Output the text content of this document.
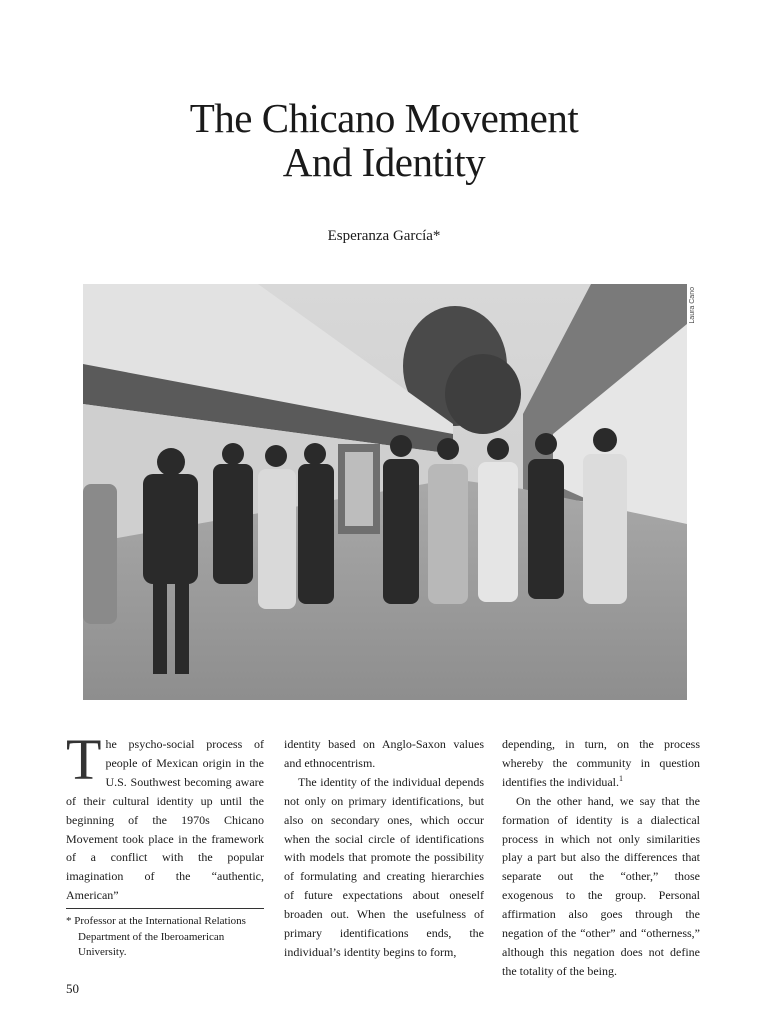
The Chicano Movement
And Identity
Esperanza García*
Laura Cano

The psycho-social process of people of Mexican origin in the U.S. Southwest becoming aware of their cultural identity up until the beginning of the 1970s Chicano Movement took place in the framework of a conflict with the popular imagination of the “authentic, American”

* Professor at the International Relations Department of the Iberoamerican University.

identity based on Anglo-Saxon values and ethnocentrism.

The identity of the individual depends not only on primary identifications, but also on secondary ones, which occur when the social circle of identifications with models that promote the possibility of formulating and creating hierarchies of future expectations about oneself broaden out. When the usefulness of primary identifications ends, the individual’s identity begins to form,

depending, in turn, on the process whereby the community in question identifies the individual.$^1$

On the other hand, we say that the formation of identity is a dialectical process in which not only similarities play a part but also the differences that separate out the “other,” those exogenous to the group. Personal affirmation also goes through the negation of the “other” and “otherness,” although this negation does not define the totality of the being.

50
